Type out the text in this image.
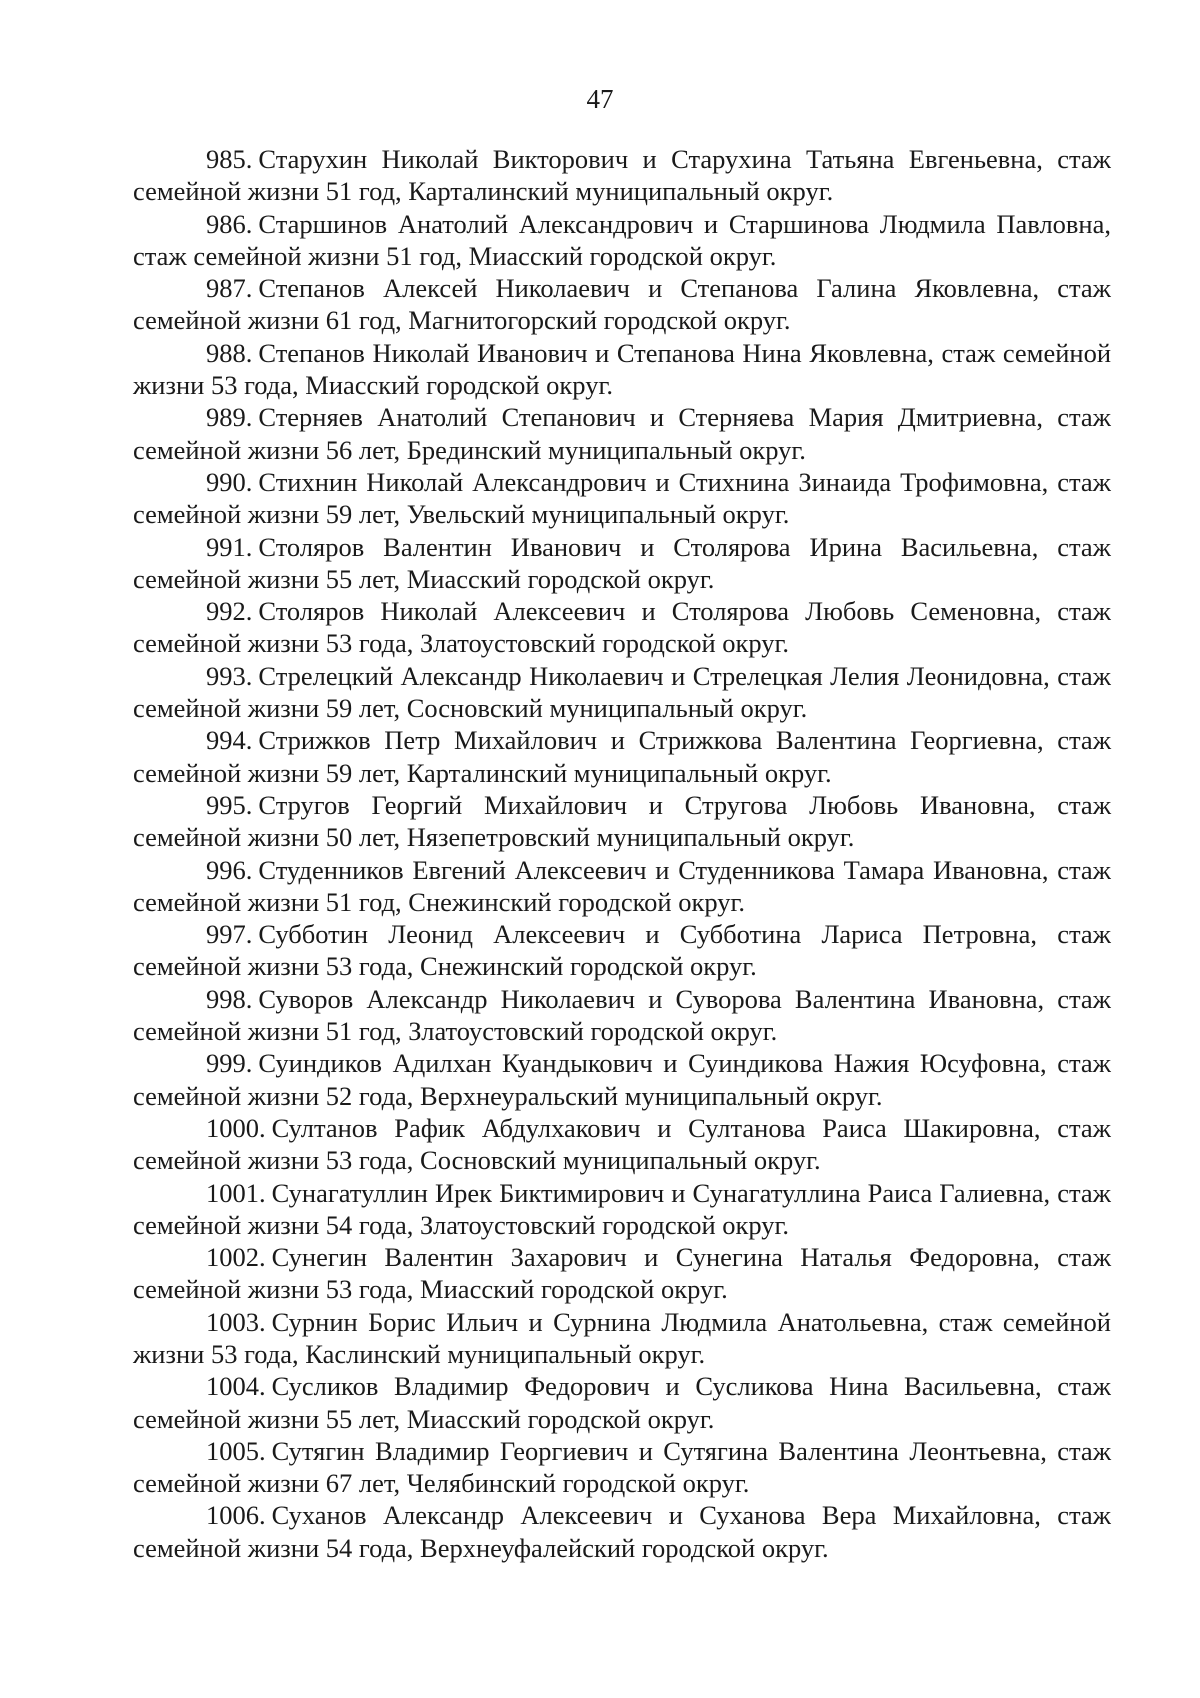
47

985. Старухин Николай Викторович и Старухина Татьяна Евгеньевна, стаж семейной жизни 51 год, Карталинский муниципальный округ.

986. Старшинов Анатолий Александрович и Старшинова Людмила Павловна, стаж семейной жизни 51 год, Миасский городской округ.

987. Степанов Алексей Николаевич и Степанова Галина Яковлевна, стаж семейной жизни 61 год, Магнитогорский городской округ.

988. Степанов Николай Иванович и Степанова Нина Яковлевна, стаж семейной жизни 53 года, Миасский городской округ.

989. Стерняев Анатолий Степанович и Стерняева Мария Дмитриевна, стаж семейной жизни 56 лет, Брединский муниципальный округ.

990. Стихнин Николай Александрович и Стихнина Зинаида Трофимовна, стаж семейной жизни 59 лет, Увельский муниципальный округ.

991. Столяров Валентин Иванович и Столярова Ирина Васильевна, стаж семейной жизни 55 лет, Миасский городской округ.

992. Столяров Николай Алексеевич и Столярова Любовь Семеновна, стаж семейной жизни 53 года, Златоустовский городской округ.

993. Стрелецкий Александр Николаевич и Стрелецкая Лелия Леонидовна, стаж семейной жизни 59 лет, Сосновский муниципальный округ.

994. Стрижков Петр Михайлович и Стрижкова Валентина Георгиевна, стаж семейной жизни 59 лет, Карталинский муниципальный округ.

995. Стругов Георгий Михайлович и Стругова Любовь Ивановна, стаж семейной жизни 50 лет, Нязепетровский муниципальный округ.

996. Студенников Евгений Алексеевич и Студенникова Тамара Ивановна, стаж семейной жизни 51 год, Снежинский городской округ.

997. Субботин Леонид Алексеевич и Субботина Лариса Петровна, стаж семейной жизни 53 года, Снежинский городской округ.

998. Суворов Александр Николаевич и Суворова Валентина Ивановна, стаж семейной жизни 51 год, Златоустовский городской округ.

999. Суиндиков Адилхан Куандыкович и Суиндикова Нажия Юсуфовна, стаж семейной жизни 52 года, Верхнеуральский муниципальный округ.

1000. Султанов Рафик Абдулхакович и Султанова Раиса Шакировна, стаж семейной жизни 53 года, Сосновский муниципальный округ.

1001. Сунагатуллин Ирек Биктимирович и Сунагатуллина Раиса Галиевна, стаж семейной жизни 54 года, Златоустовский городской округ.

1002. Сунегин Валентин Захарович и Сунегина Наталья Федоровна, стаж семейной жизни 53 года, Миасский городской округ.

1003. Сурнин Борис Ильич и Сурнина Людмила Анатольевна, стаж семейной жизни 53 года, Каслинский муниципальный округ.

1004. Сусликов Владимир Федорович и Сусликова Нина Васильевна, стаж семейной жизни 55 лет, Миасский городской округ.

1005. Сутягин Владимир Георгиевич и Сутягина Валентина Леонтьевна, стаж семейной жизни 67 лет, Челябинский городской округ.

1006. Суханов Александр Алексеевич и Суханова Вера Михайловна, стаж семейной жизни 54 года, Верхнеуфалейский городской округ.
